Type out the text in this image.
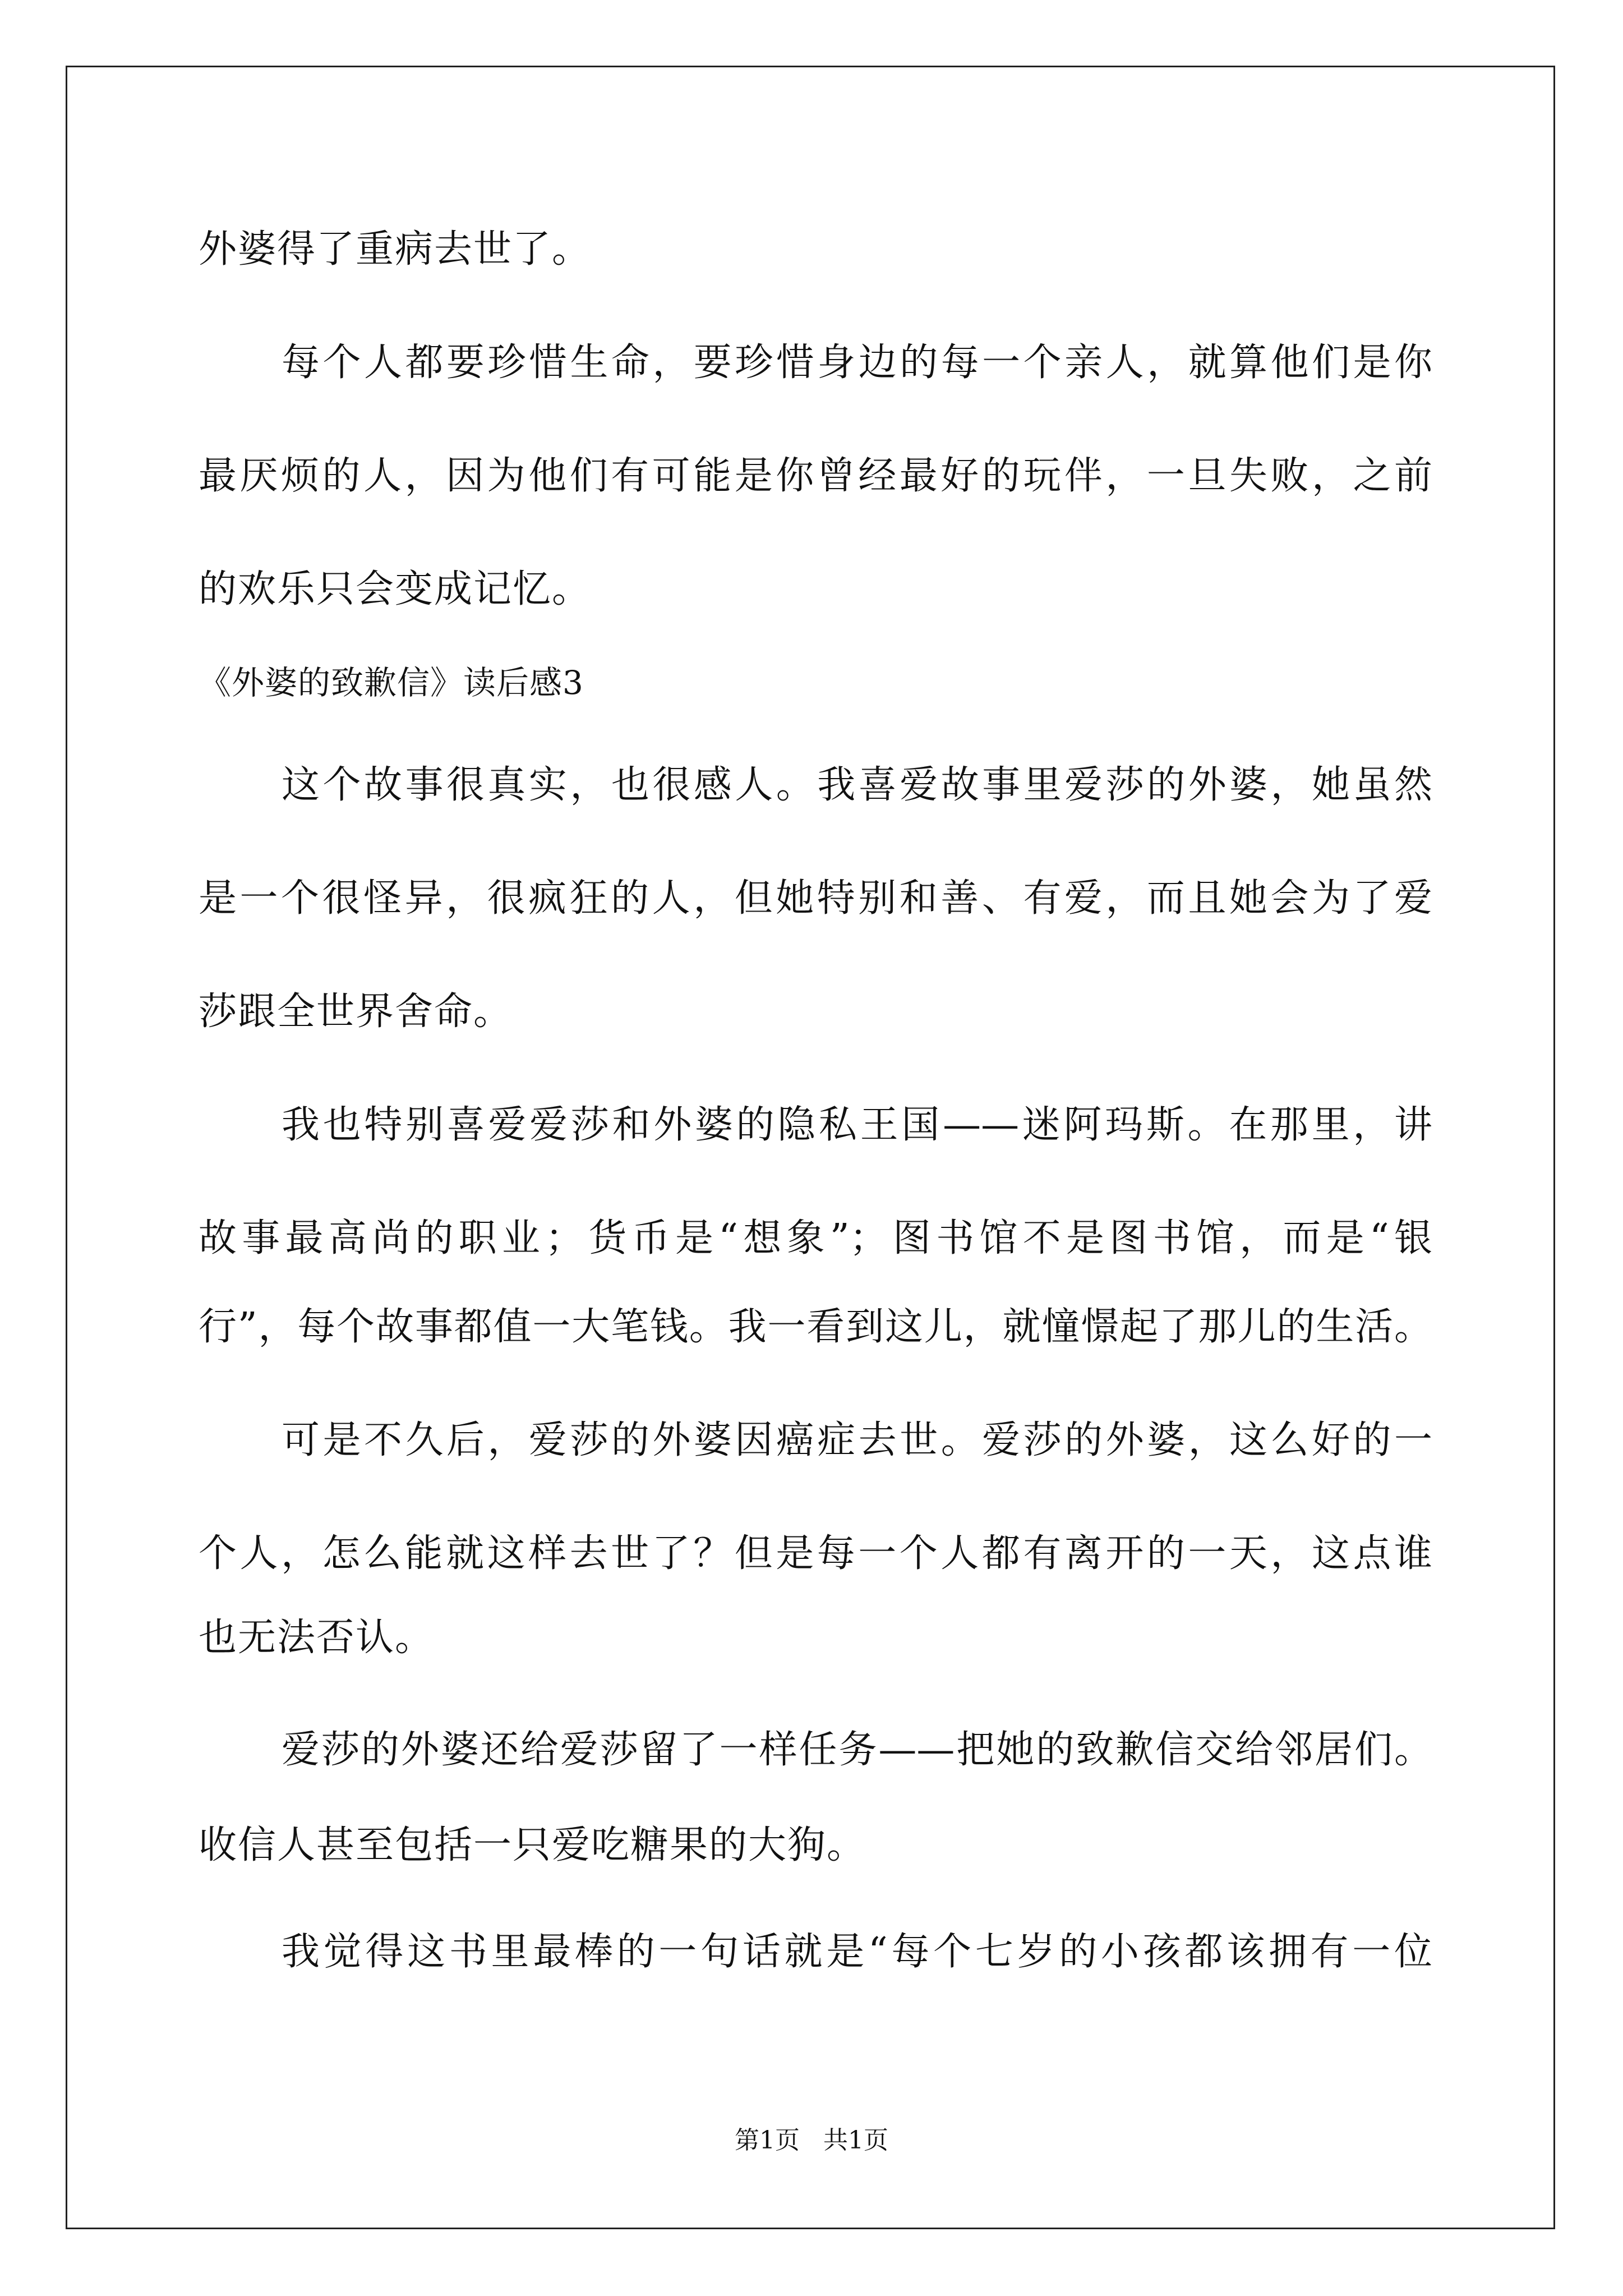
外婆得了重病去世了。
每个人都要珍惜生命，要珍惜身边的每一个亲人，就算他们是你
最厌烦的人，因为他们有可能是你曾经最好的玩伴，一旦失败，之前
的欢乐只会变成记忆。
《外婆的致歉信》读后感3
这个故事很真实，也很感人。我喜爱故事里爱莎的外婆，她虽然
是一个很怪异，很疯狂的人，但她特别和善、有爱，而且她会为了爱
莎跟全世界舍命。
我也特别喜爱爱莎和外婆的隐私王国——迷阿玛斯。在那里，讲
故事最高尚的职业；货币是“想象”；图书馆不是图书馆，而是“银
行”，每个故事都值一大笔钱。我一看到这儿，就憧憬起了那儿的生活。
可是不久后，爱莎的外婆因癌症去世。爱莎的外婆，这么好的一
个人，怎么能就这样去世了？但是每一个人都有离开的一天，这点谁
也无法否认。
爱莎的外婆还给爱莎留了一样任务——把她的致歉信交给邻居们。
收信人甚至包括一只爱吃糖果的大狗。
我觉得这书里最棒的一句话就是“每个七岁的小孩都该拥有一位
第1页   共1页
